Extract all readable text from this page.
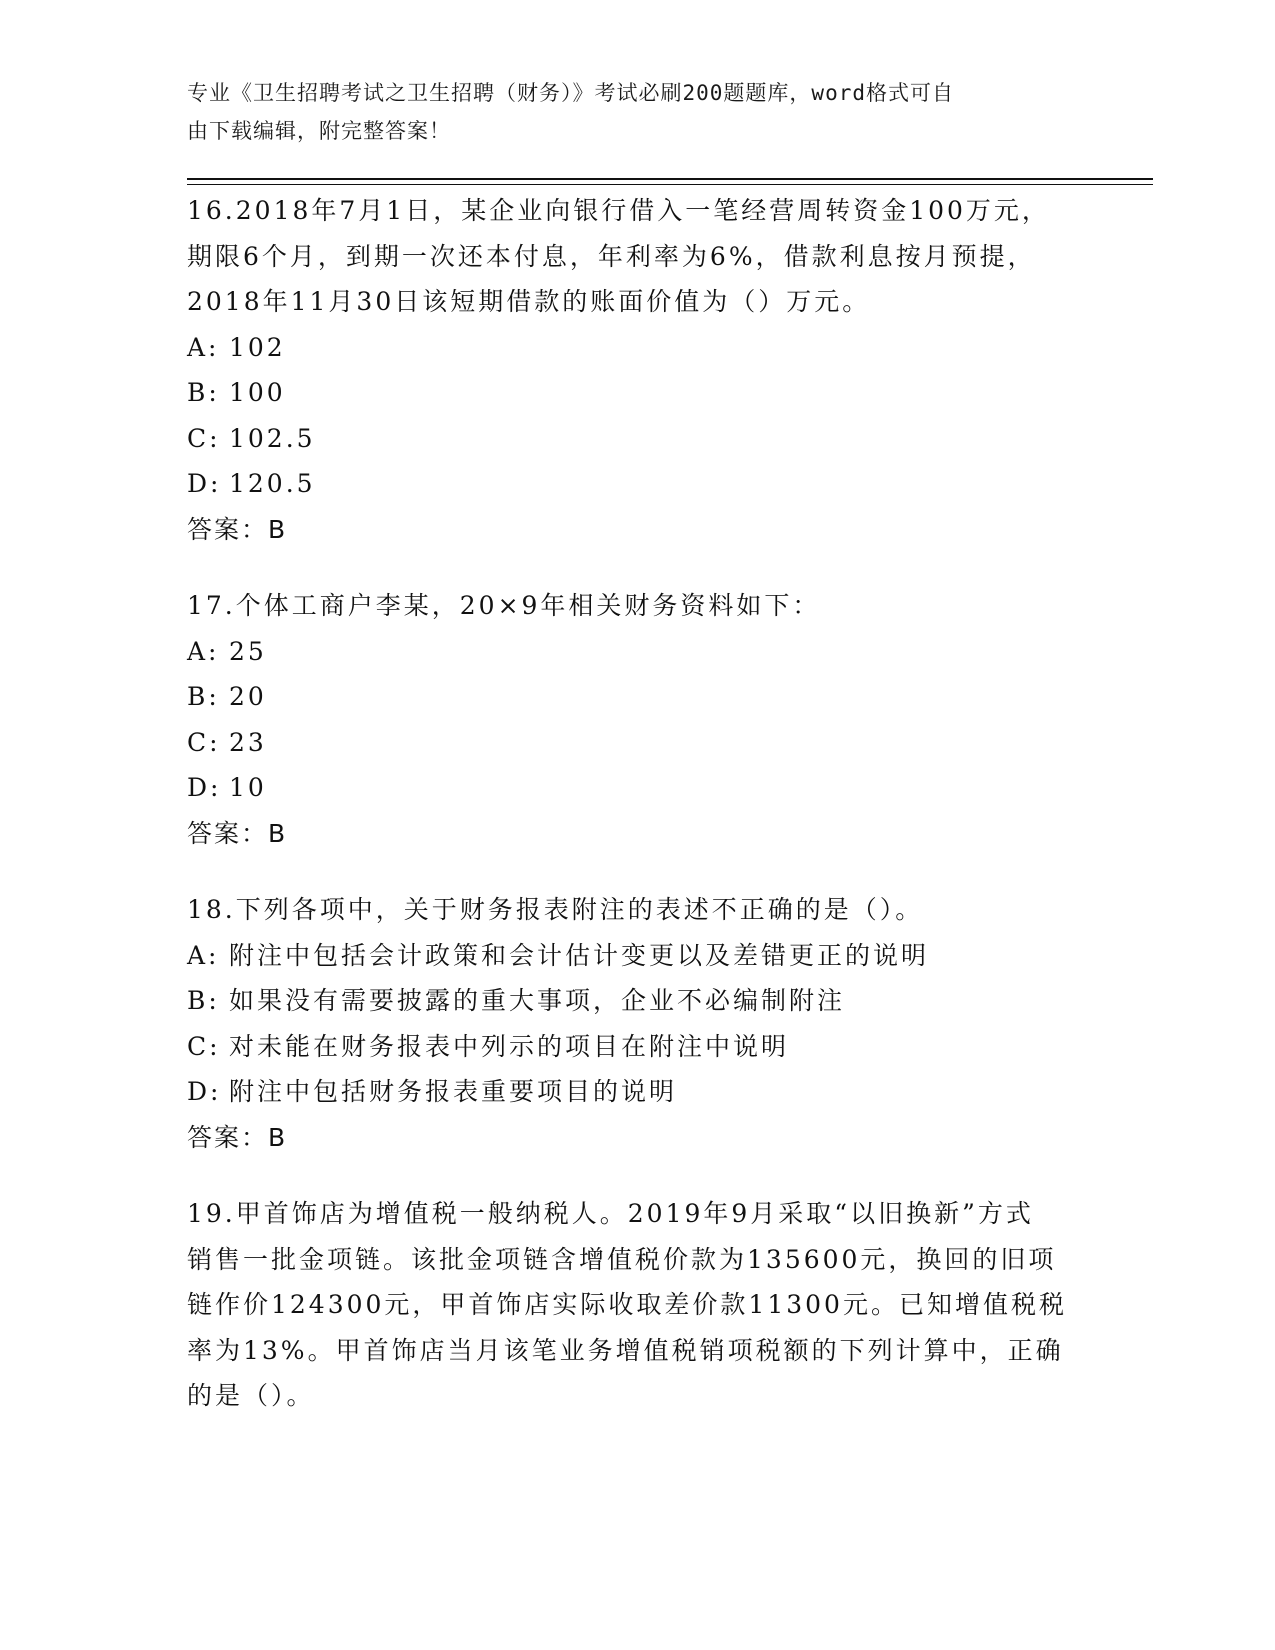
专业《卫生招聘考试之卫生招聘（财务）》考试必刷200题题库，word格式可自
由下载编辑，附完整答案！
16.2018年7月1日，某企业向银行借入一笔经营周转资金100万元，
期限6个月，到期一次还本付息，年利率为6%，借款利息按月预提，
2018年11月30日该短期借款的账面价值为（）万元。
A: 102
B: 100
C: 102.5
D: 120.5
答案：B
17.个体工商户李某，20×9年相关财务资料如下：
A: 25
B: 20
C: 23
D: 10
答案：B
18.下列各项中，关于财务报表附注的表述不正确的是（）。
A: 附注中包括会计政策和会计估计变更以及差错更正的说明
B: 如果没有需要披露的重大事项，企业不必编制附注
C: 对未能在财务报表中列示的项目在附注中说明
D: 附注中包括财务报表重要项目的说明
答案：B
19.甲首饰店为增值税一般纳税人。2019年9月采取“以旧换新”方式
销售一批金项链。该批金项链含增值税价款为135600元，换回的旧项
链作价124300元，甲首饰店实际收取差价款11300元。已知增值税税
率为13%。甲首饰店当月该笔业务增值税销项税额的下列计算中，正确
的是（）。
